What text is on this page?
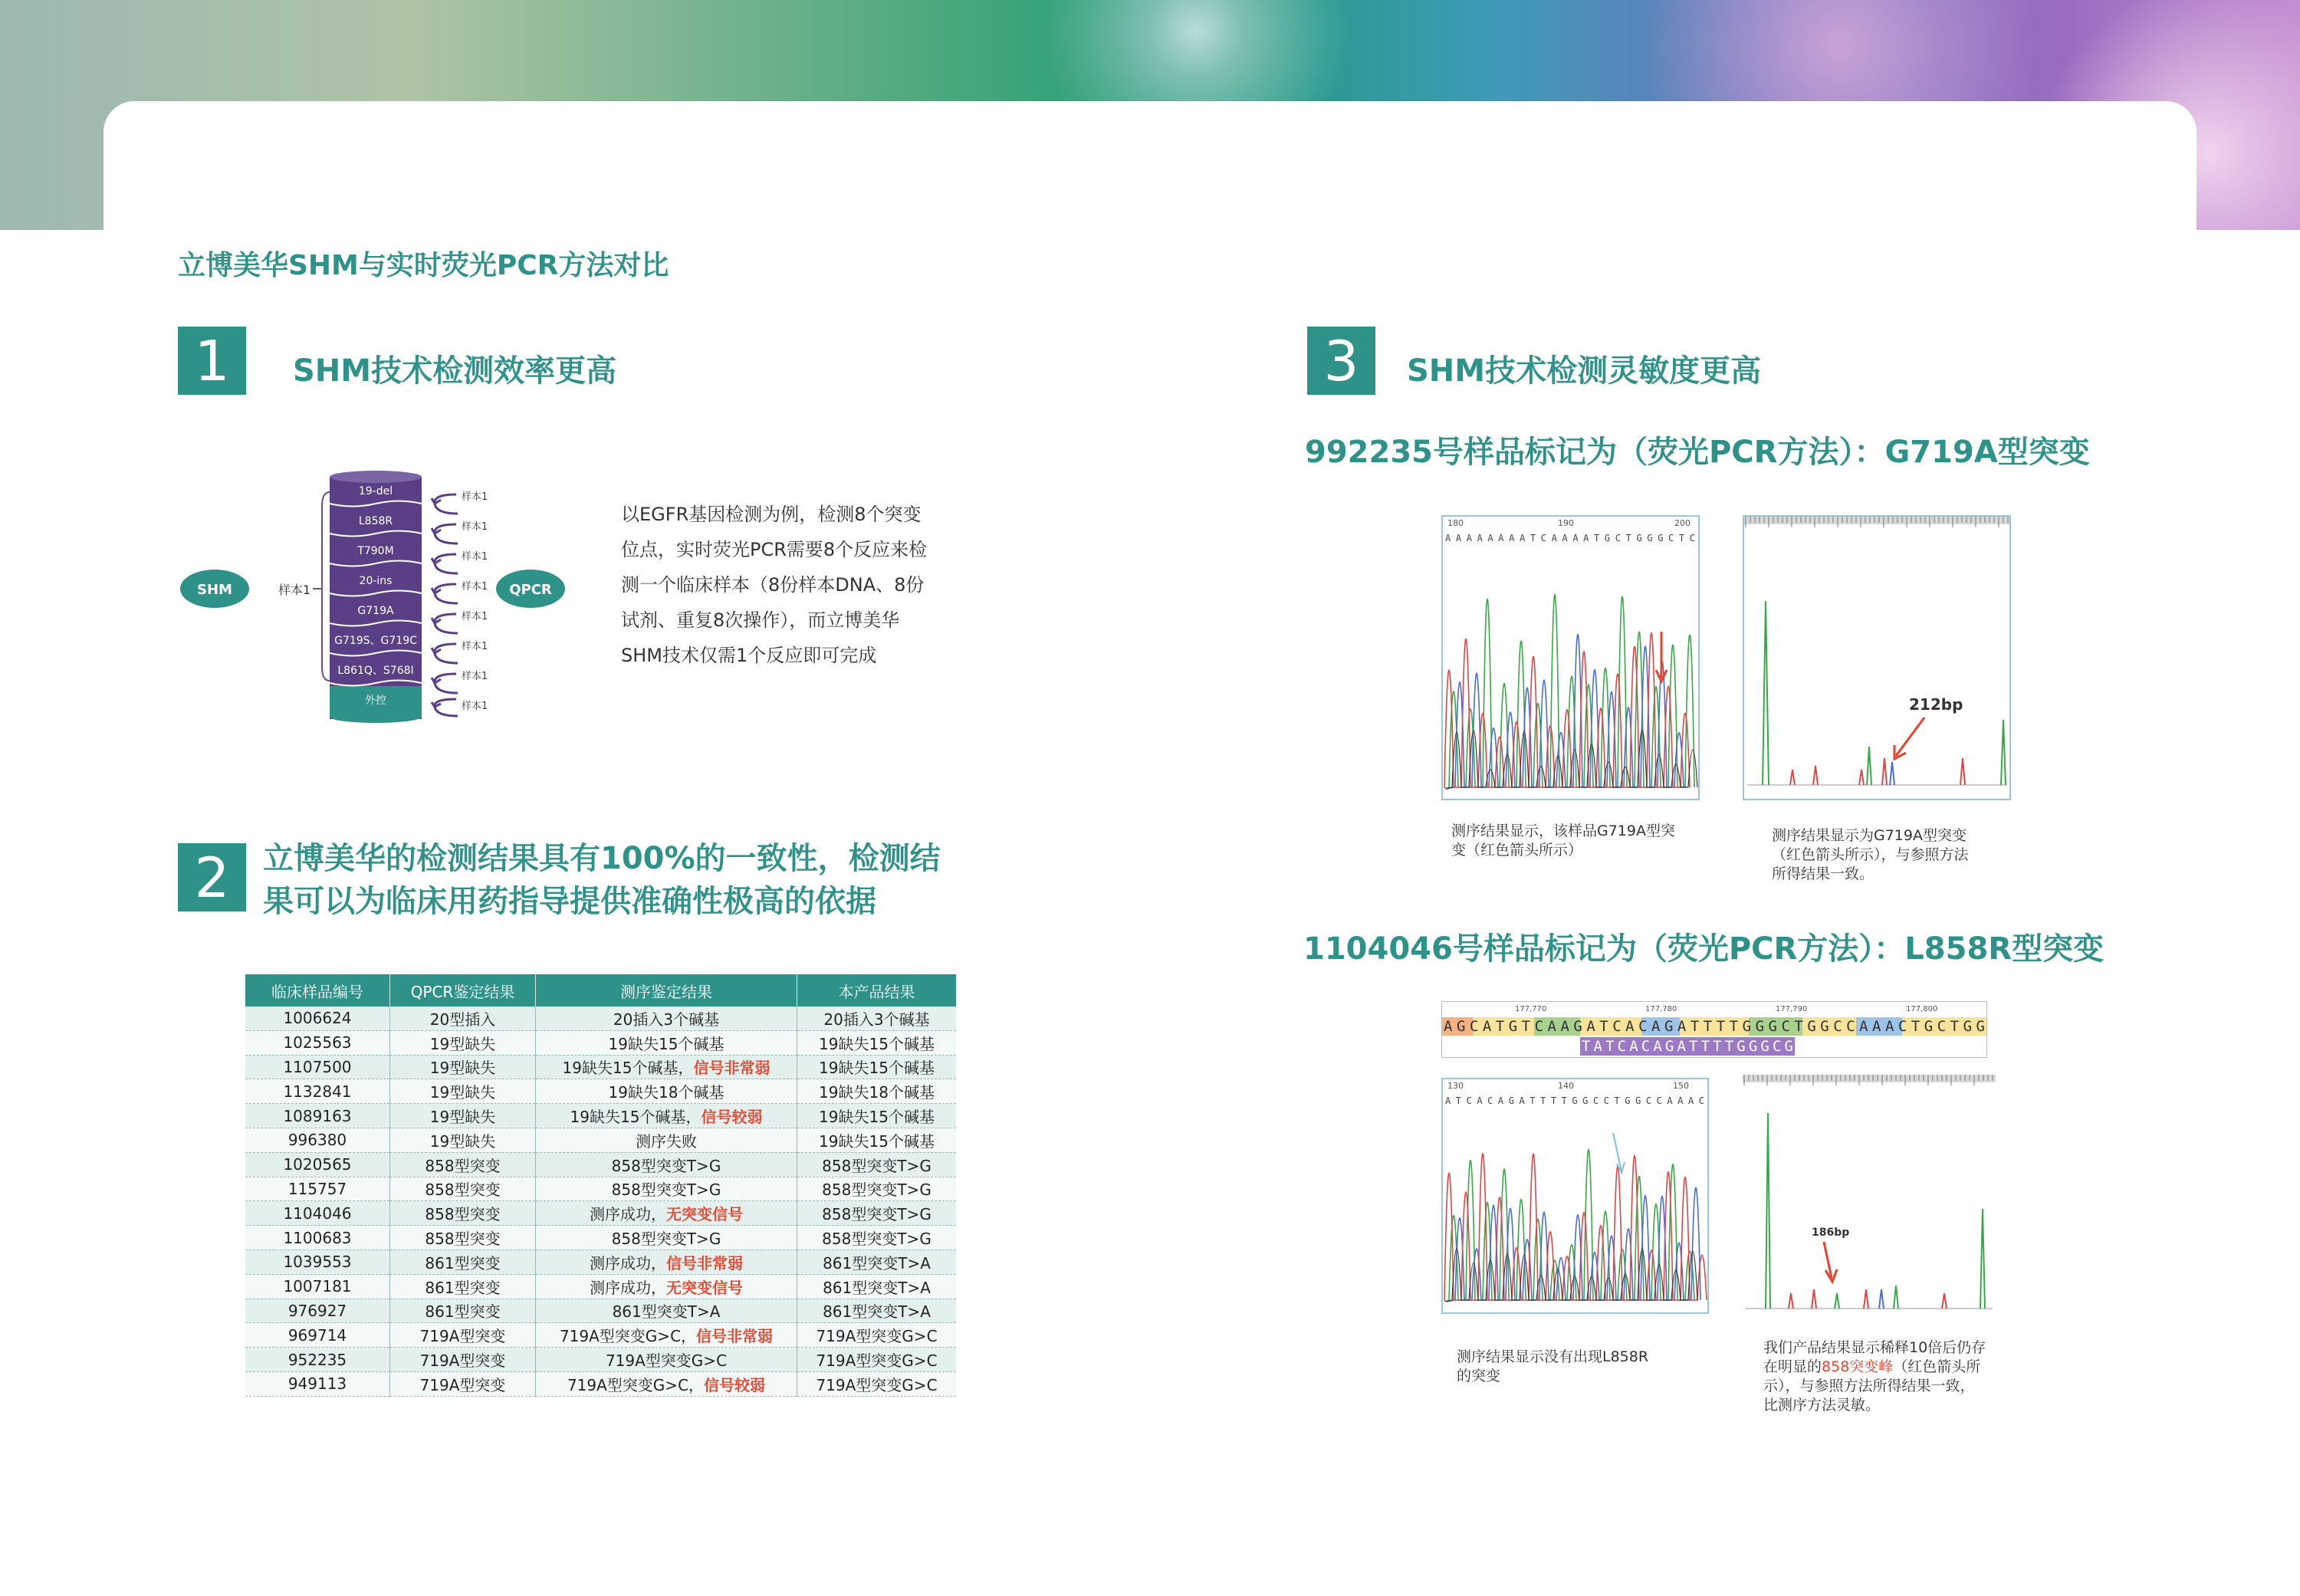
立博美华SHM与实时荧光PCR方法对比
1	SHM技术检测效率更高
SHM	样本1
19-del
L858R
T790M
20-ins
G719A
G719S、G719C
L861Q、S768I
外控
样本1
样本1
样本1
样本1
样本1
样本1
样本1
样本1
QPCR
以EGFR基因检测为例，检测8个突变
位点，实时荧光PCR需要8个反应来检
测一个临床样本（8份样本DNA、8份
试剂、重复8次操作），而立博美华
SHM技术仅需1个反应即可完成
2	立博美华的检测结果具有100%的一致性，检测结
果可以为临床用药指导提供准确性极高的依据
临床样品编号	QPCR鉴定结果	测序鉴定结果	本产品结果
1006624	20型插入	20插入3个碱基	20插入3个碱基
1025563	19型缺失	19缺失15个碱基	19缺失15个碱基
1107500	19型缺失	19缺失15个碱基，信号非常弱	19缺失15个碱基
1132841	19型缺失	19缺失18个碱基	19缺失18个碱基
1089163	19型缺失	19缺失15个碱基，信号较弱	19缺失15个碱基
996380	19型缺失	测序失败	19缺失15个碱基
1020565	858型突变	858型突变T>G	858型突变T>G
115757	858型突变	858型突变T>G	858型突变T>G
1104046	858型突变	测序成功，无突变信号	858型突变T>G
1100683	858型突变	858型突变T>G	858型突变T>G
1039553	861型突变	测序成功，信号非常弱	861型突变T>A
1007181	861型突变	测序成功，无突变信号	861型突变T>A
976927	861型突变	861型突变T>A	861型突变T>A
969714	719A型突变	719A型突变G>C，信号非常弱	719A型突变G>C
952235	719A型突变	719A型突变G>C	719A型突变G>C
949113	719A型突变	719A型突变G>C，信号较弱	719A型突变G>C
3	SHM技术检测灵敏度更高
992235号样品标记为（荧光PCR方法）：G719A型突变
180	190	200
AAAAAAAATCAAAATGCTGGGCTC
212bp
测序结果显示，该样品G719A型突
变（红色箭头所示）
测序结果显示为G719A型突变
（红色箭头所示），与参照方法
所得结果一致。
1104046号样品标记为（荧光PCR方法）：L858R型突变
177,770	177,780	177,790	177,800
AGCATGTCAAGATCACAGATTTTGGGCTGGCCAAACTGCTGG
TATCACAGATTTTGGGCG
130	140	150
ATCACAGATTTTGGCCTGGCCAAAC
186bp
测序结果显示没有出现L858R
的突变
我们产品结果显示稀释10倍后仍存
在明显的858突变峰（红色箭头所
示），与参照方法所得结果一致，
比测序方法灵敏。
